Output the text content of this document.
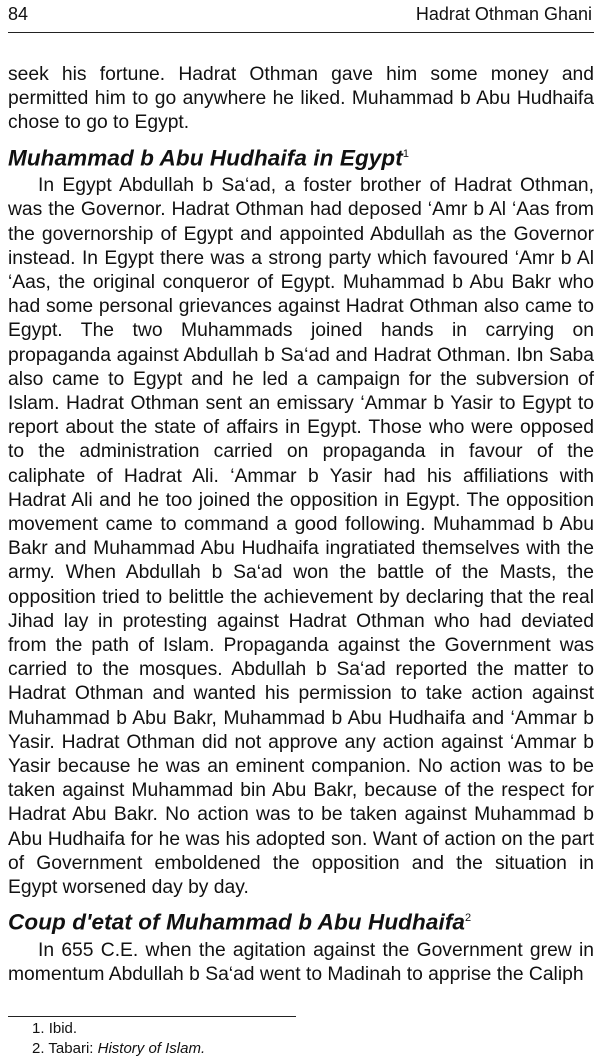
84	Hadrat Othman Ghani

seek his fortune. Hadrat Othman gave him some money and permitted him to go anywhere he liked. Muhammad b Abu Hudhaifa chose to go to Egypt.

Muhammad b Abu Hudhaifa in Egypt$^1$

In Egypt Abdullah b Sa‘ad, a foster brother of Hadrat Othman, was the Governor. Hadrat Othman had deposed ‘Amr b Al ‘Aas from the governorship of Egypt and appointed Abdullah as the Governor instead. In Egypt there was a strong party which favoured ‘Amr b Al ‘Aas, the original conqueror of Egypt. Muhammad b Abu Bakr who had some personal grievances against Hadrat Othman also came to Egypt. The two Muhammads joined hands in carrying on propaganda against Abdullah b Sa‘ad and Hadrat Othman. Ibn Saba also came to Egypt and he led a campaign for the subversion of Islam. Hadrat Othman sent an emissary ‘Ammar b Yasir to Egypt to report about the state of affairs in Egypt. Those who were opposed to the administration carried on propaganda in favour of the caliphate of Hadrat Ali. ‘Ammar b Yasir had his affiliations with Hadrat Ali and he too joined the opposition in Egypt. The opposition movement came to command a good following. Muhammad b Abu Bakr and Muhammad Abu Hudhaifa ingratiated themselves with the army. When Abdullah b Sa‘ad won the battle of the Masts, the opposition tried to belittle the achievement by declaring that the real Jihad lay in protesting against Hadrat Othman who had deviated from the path of Islam. Propaganda against the Government was carried to the mosques. Abdullah b Sa‘ad reported the matter to Hadrat Othman and wanted his permission to take action against Muhammad b Abu Bakr, Muhammad b Abu Hudhaifa and ‘Ammar b Yasir. Hadrat Othman did not approve any action against ‘Ammar b Yasir because he was an eminent companion. No action was to be taken against Muhammad bin Abu Bakr, because of the respect for Hadrat Abu Bakr. No action was to be taken against Muhammad b Abu Hudhaifa for he was his adopted son. Want of action on the part of Government emboldened the opposition and the situation in Egypt worsened day by day.

Coup d'etat of Muhammad b Abu Hudhaifa$^2$

In 655 C.E. when the agitation against the Government grew in momentum Abdullah b Sa‘ad went to Madinah to apprise the Caliph

1. Ibid.
2. Tabari: History of Islam.
